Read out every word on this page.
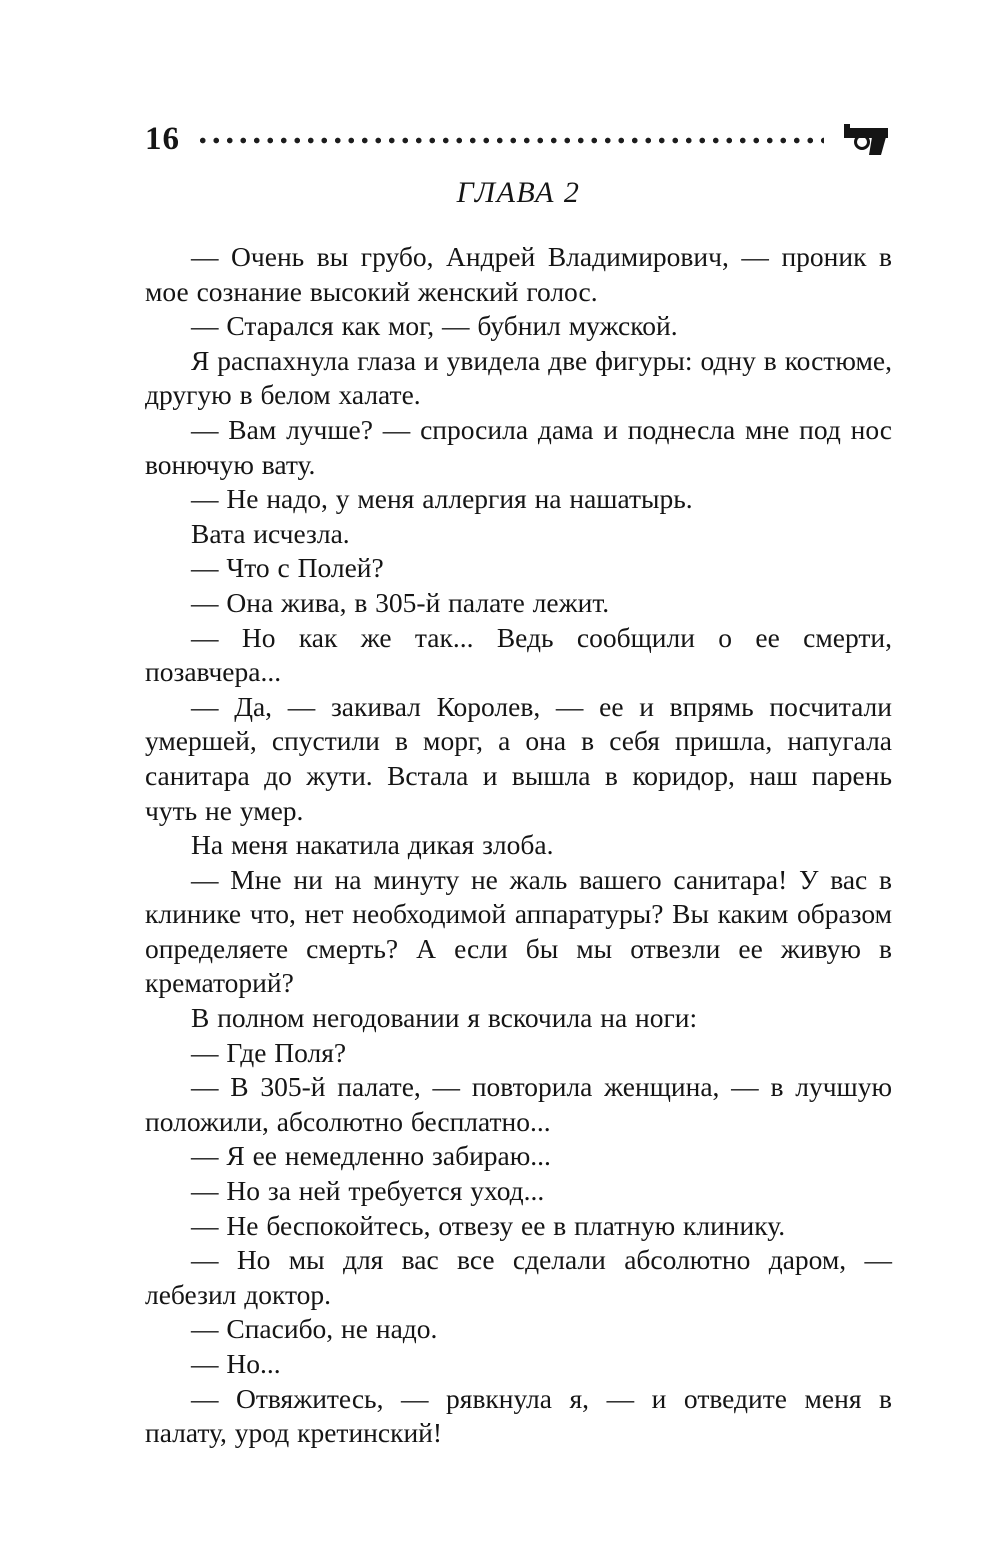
16
ГЛАВА 2

— Очень вы грубо, Андрей Владимирович, — проник в мое сознание высокий женский голос.

— Старался как мог, — бубнил мужской.

Я распахнула глаза и увидела две фигуры: одну в костюме, другую в белом халате.

— Вам лучше? — спросила дама и поднесла мне под нос вонючую вату.

— Не надо, у меня аллергия на нашатырь.

Вата исчезла.

— Что с Полей?

— Она жива, в 305-й палате лежит.

— Но как же так... Ведь сообщили о ее смерти, позавчера...

— Да, — закивал Королев, — ее и впрямь посчитали умершей, спустили в морг, а она в себя пришла, напугала санитара до жути. Встала и вышла в коридор, наш парень чуть не умер.

На меня накатила дикая злоба.

— Мне ни на минуту не жаль вашего санитара! У вас в клинике что, нет необходимой аппаратуры? Вы каким образом определяете смерть? А если бы мы отвезли ее живую в крематорий?

В полном негодовании я вскочила на ноги:

— Где Поля?

— В 305-й палате, — повторила женщина, — в лучшую положили, абсолютно бесплатно...

— Я ее немедленно забираю...

— Но за ней требуется уход...

— Не беспокойтесь, отвезу ее в платную клинику.

— Но мы для вас все сделали абсолютно даром, — лебезил доктор.

— Спасибо, не надо.

— Но...

— Отвяжитесь, — рявкнула я, — и отведите меня в палату, урод кретинский!
